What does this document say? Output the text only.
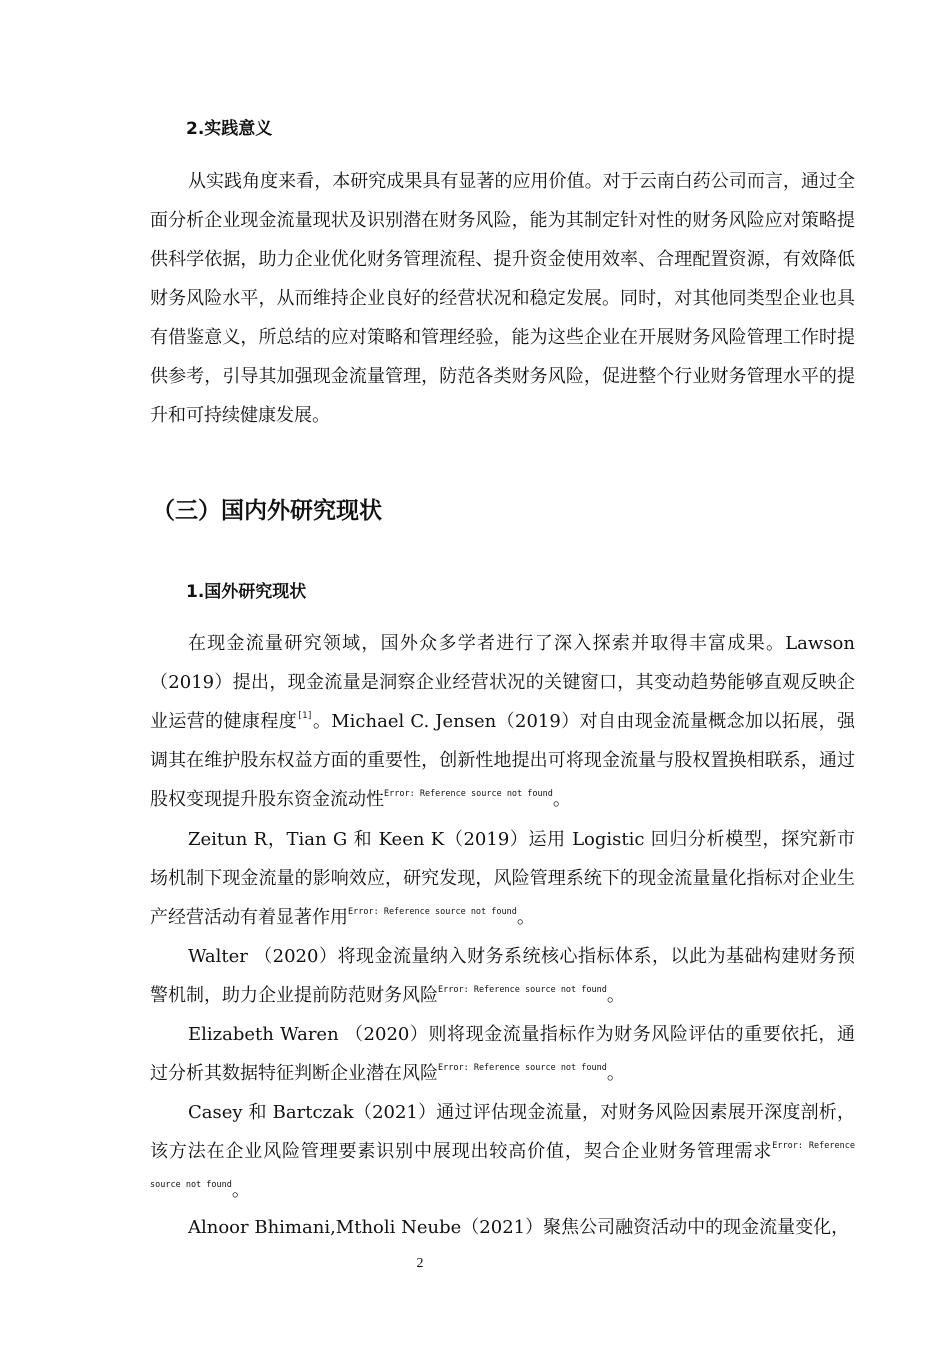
2.实践意义

从实践角度来看，本研究成果具有显著的应用价值。对于云南白药公司而言，通过全面分析企业现金流量现状及识别潜在财务风险，能为其制定针对性的财务风险应对策略提供科学依据，助力企业优化财务管理流程、提升资金使用效率、合理配置资源，有效降低财务风险水平，从而维持企业良好的经营状况和稳定发展。同时，对其他同类型企业也具有借鉴意义，所总结的应对策略和管理经验，能为这些企业在开展财务风险管理工作时提供参考，引导其加强现金流量管理，防范各类财务风险，促进整个行业财务管理水平的提升和可持续健康发展。

（三）国内外研究现状
1.国外研究现状

在现金流量研究领域，国外众多学者进行了深入探索并取得丰富成果。Lawson（2019）提出，现金流量是洞察企业经营状况的关键窗口，其变动趋势能够直观反映企业运营的健康程度[1]。Michael C. Jensen（2019）对自由现金流量概念加以拓展，强调其在维护股东权益方面的重要性，创新性地提出可将现金流量与股权置换相联系，通过股权变现提升股东资金流动性$^{Error: Reference source not found}$。

Zeitun R，Tian G 和 Keen K（2019）运用 Logistic 回归分析模型，探究新市场机制下现金流量的影响效应，研究发现，风险管理系统下的现金流量量化指标对企业生产经营活动有着显著作用$^{Error: Reference source not found}$。

Walter （2020）将现金流量纳入财务系统核心指标体系，以此为基础构建财务预警机制，助力企业提前防范财务风险$^{Error: Reference source not found}$。

Elizabeth Waren （2020）则将现金流量指标作为财务风险评估的重要依托，通过分析其数据特征判断企业潜在风险$^{Error: Reference source not found}$。

Casey 和 Bartczak（2021）通过评估现金流量，对财务风险因素展开深度剖析，该方法在企业风险管理要素识别中展现出较高价值，契合企业财务管理需求$^{Error: Reference source not found}$。

Alnoor Bhimani,Mtholi Neube（2021）聚焦公司融资活动中的现金流量变化，

2
